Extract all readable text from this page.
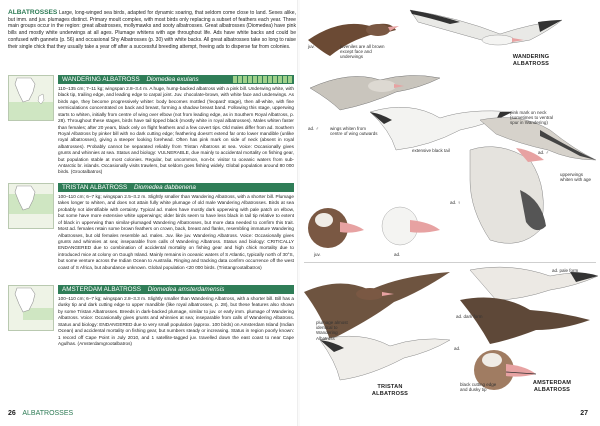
ALBATROSSES Large, long-winged sea birds, adapted for dynamic soaring, that seldom come close to land. Sexes alike, but imm. and juv. plumages distinct. Primary moult complex, with most birds only replacing a subset of feathers each year. Three main groups occur in the region: great albatrosses, mollymawks and sooty albatrosses. Great albatrosses (Diomedea) have pink bills and mostly white underwings at all ages. Plumage whitens with age throughout life. Ads have white backs and could be confused with gannets (p. 56) and occasional Shy Albatrosses (p. 30) with white backs. All great albatrosses take so long to raise their single chick that they usually take a year off after a successful breeding attempt, freeing ads to disperse far from colonies.
WANDERING ALBATROSS Diomedea exulans
110–135 cm; 7–11 kg; wingspan 2.8–3.4 m. A huge, hump-backed albatross with a pink bill. Underwing white, with black tip, trailing edge, and leading edge to carpal joint. Juv. chocolate-brown, with white face and underwings. As birds age, they become progressively whiter: body becomes mottled ('leopard' stage), then all-white, with fine vermiculations concentrated on back and breast, forming a shadow breast band. Following this stage, upperwing starts to whiten, initially from centre of wing over elbow (not from leading edge, as in Southern Royal Albatross, p. 28). Throughout these stages, birds have tail tipped black (mostly white in royal albatrosses). Males whiten faster than females; after 20 years, black only on flight feathers and a few covert tips. Old males differ from ad. Southern Royal Albatross by pinker bill with no dark cutting edge; feathering doesn't extend far onto lower mandible (unlike royal albatrosses), giving a steeper looking forehead. Often has pink mark on side of neck (absent in royal albatrosses). Probably cannot be separated reliably from Tristan Albatross at sea. Voice: Occasionally gives grunts and whinnies at sea. Status and biology: VULNERABLE, due mainly to accidental mortality on fishing gear, but population stable at most colonies. Regular, but uncommon, non-br. visitor to oceanic waters from sub-Antarctic br. islands. Occasionally visits trawlers, but seldom goes fishing widely. Global population around 80 000 birds. (Grootalbatros)
TRISTAN ALBATROSS Diomedea dabbenena
100–110 cm; 6–7 kg; wingspan 2.5–3.2 m. Slightly smaller than Wandering Albatross, with a shorter bill. Plumage takes longer to whiten, and does not attain fully white plumage of old male Wandering Albatrosses. Birds at sea probably not identifiable with certainty. Typical ad. males have mostly dark upperwing with pale patch on elbow, but some have more extensive white upperwings; older birds seem to have less black in tail tip relative to extent of black in upperwing than similar-plumaged Wandering Albatrosses, but more data needed to confirm this trait. Most ad. females retain some brown feathers on crown, back, breast and flanks, resembling immature Wandering Albatrosses, but old females resemble ad. males. Juv. like juv. Wandering Albatross. Voice: Occasionally gives grunts and whinnies at sea; inseparable from calls of Wandering Albatross. Status and biology: CRITICALLY ENDANGERED due to combination of accidental mortality on fishing gear and high chick mortality due to introduced mice at colony on Gough Island. Mainly remains in oceanic waters of S Atlantic, typically north of 30°S, but some venture across the Indian Ocean to Australia. Ringing and tracking data confirm occurrence off the west coast of S Africa, but abundance unknown. Global population <20 000 birds. (Tristangrootalbatros)
AMSTERDAM ALBATROSS Diomedea amsterdamensis
100–110 cm; 6–7 kg; wingspan 2.8–3.3 m. Slightly smaller than Wandering Albatross, with a shorter bill. Bill has a dusky tip and dark cutting edge to upper mandible (like royal albatrosses, p. 28), but these features also shown by some Tristan Albatrosses. Breeds in dark-backed plumage, similar to juv. or early imm. plumage of Wandering Albatross. Voice: Occasionally gives grunts and whinnies at sea; inseparable from calls of Wandering Albatross. Status and biology: ENDANGERED due to very small population (approx. 100 birds) on Amsterdam Island (Indian Ocean) and accidental mortality on fishing gear, but numbers steady or increasing. Status in region poorly known: 1 record off Cape Point in July 2010, and 1 satellite-tagged juv. travelled down the east coast to near Cape Agulhas. (Amsterdamgrootalbatros)
26 ALBATROSSES
juv.	juveniles are all brown except face and underwings	WANDERING ALBATROSS
ad. ♂ wings whiten from centre of wing outwards
pink mark on neck (sometimes to ventral spur in Wandering)
extensive black tail	ad. ♂
upperwings whiten with age
ad. ♀
juv.	ad.
ad. pale form
ad. dark form
ad.
plumage almost identical to Wandering Albatross
TRISTAN ALBATROSS
black cutting edge and dusky tip
AMSTERDAM ALBATROSS
27
